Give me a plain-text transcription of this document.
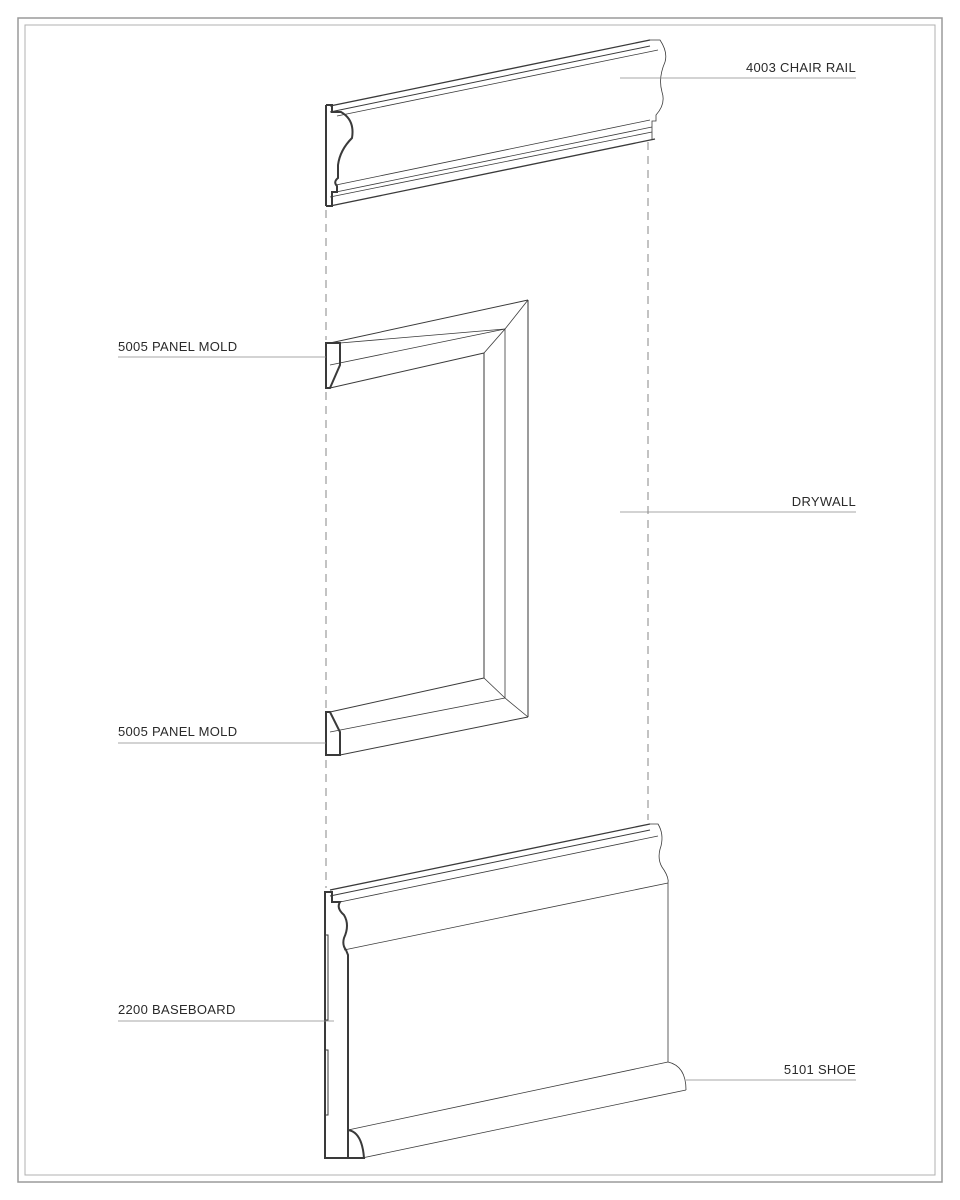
4003 CHAIR RAIL
5005 PANEL MOLD
DRYWALL
5005 PANEL MOLD
2200 BASEBOARD
5101 SHOE
